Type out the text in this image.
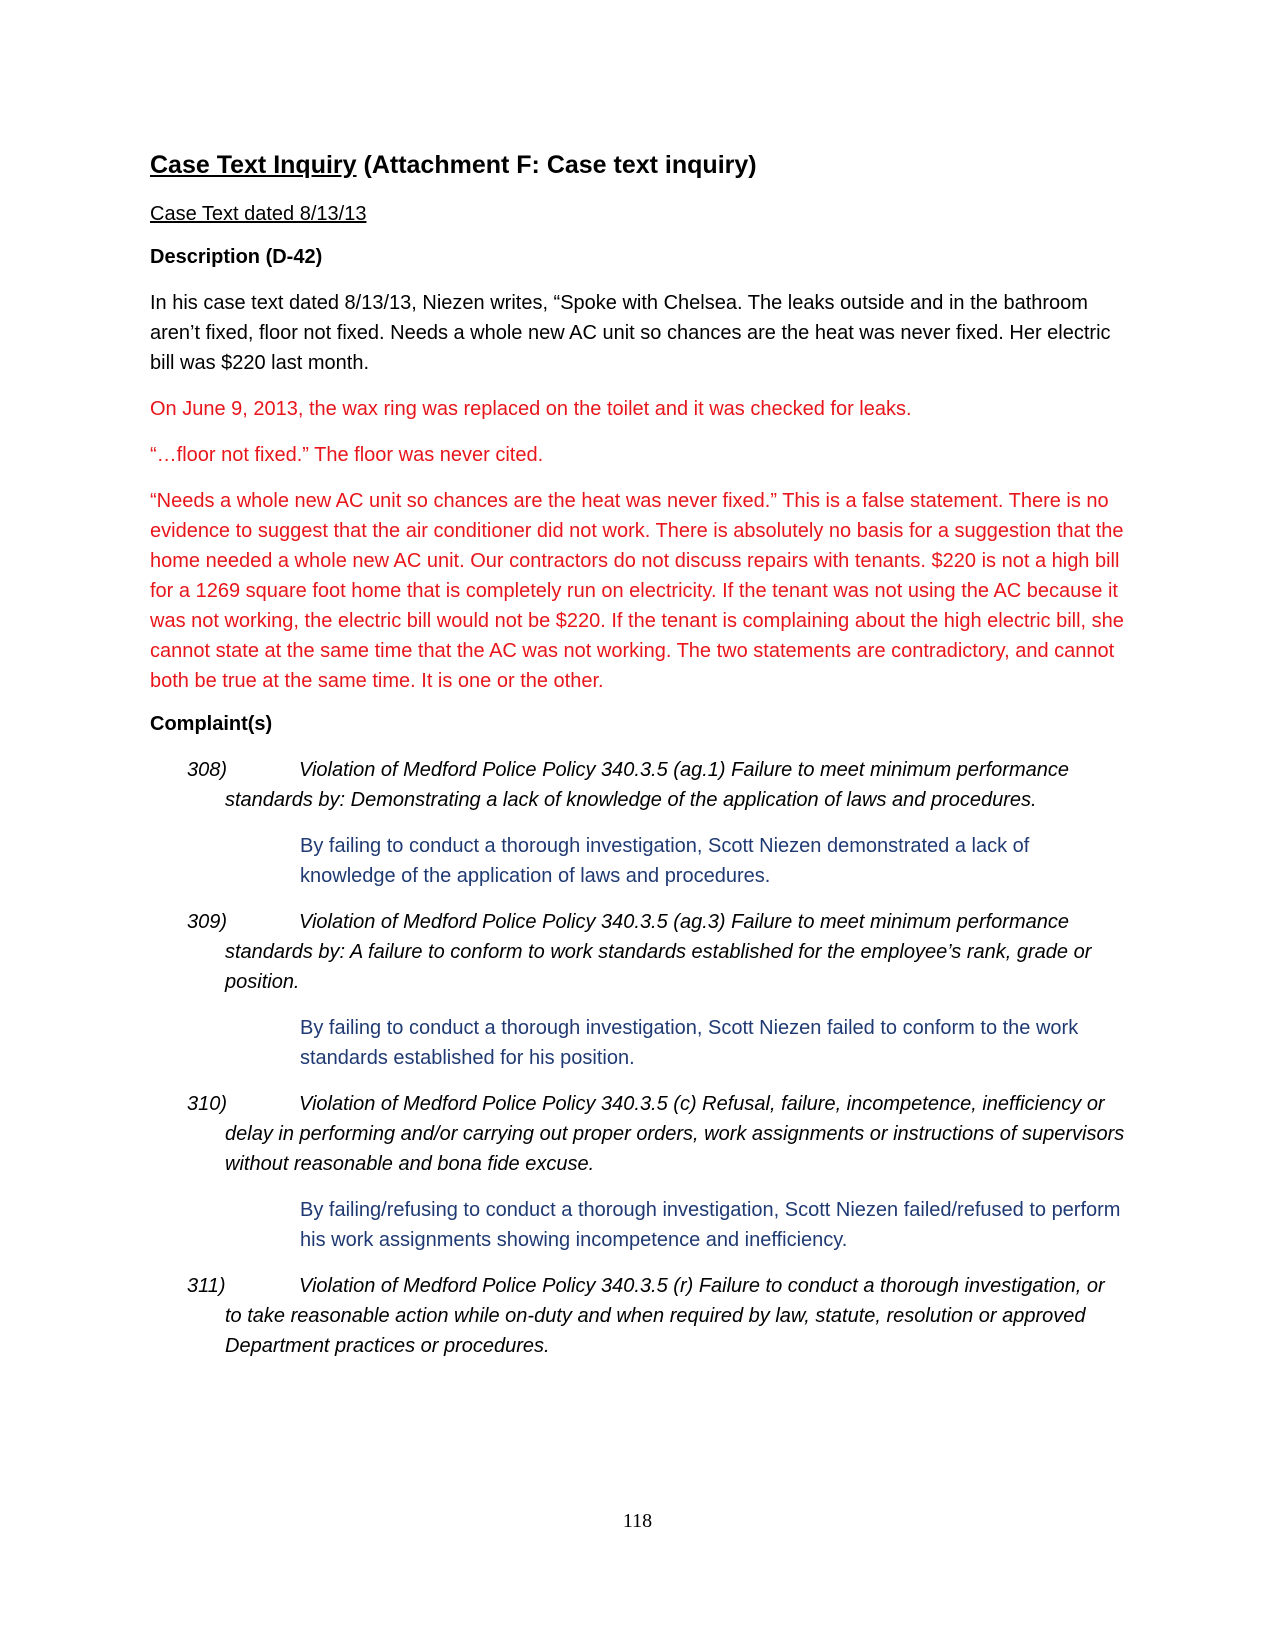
Case Text Inquiry (Attachment F: Case text inquiry)
Case Text dated 8/13/13
Description (D-42)

In his case text dated 8/13/13, Niezen writes, “Spoke with Chelsea. The leaks outside and in the bathroom aren’t fixed, floor not fixed. Needs a whole new AC unit so chances are the heat was never fixed. Her electric bill was $220 last month.

On June 9, 2013, the wax ring was replaced on the toilet and it was checked for leaks.

“…floor not fixed.” The floor was never cited.

“Needs a whole new AC unit so chances are the heat was never fixed.” This is a false statement. There is no evidence to suggest that the air conditioner did not work. There is absolutely no basis for a suggestion that the home needed a whole new AC unit. Our contractors do not discuss repairs with tenants. $220 is not a high bill for a 1269 square foot home that is completely run on electricity. If the tenant was not using the AC because it was not working, the electric bill would not be $220. If the tenant is complaining about the high electric bill, she cannot state at the same time that the AC was not working. The two statements are contradictory, and cannot both be true at the same time. It is one or the other.

Complaint(s)

308)	Violation of Medford Police Policy 340.3.5 (ag.1) Failure to meet minimum performance standards by: Demonstrating a lack of knowledge of the application of laws and procedures.

By failing to conduct a thorough investigation, Scott Niezen demonstrated a lack of knowledge of the application of laws and procedures.

309)	Violation of Medford Police Policy 340.3.5 (ag.3) Failure to meet minimum performance standards by: A failure to conform to work standards established for the employee’s rank, grade or position.

By failing to conduct a thorough investigation, Scott Niezen failed to conform to the work standards established for his position.

310)	Violation of Medford Police Policy 340.3.5 (c) Refusal, failure, incompetence, inefficiency or delay in performing and/or carrying out proper orders, work assignments or instructions of supervisors without reasonable and bona fide excuse.

By failing/refusing to conduct a thorough investigation, Scott Niezen failed/refused to perform his work assignments showing incompetence and inefficiency.

311)	Violation of Medford Police Policy 340.3.5 (r) Failure to conduct a thorough investigation, or to take reasonable action while on-duty and when required by law, statute, resolution or approved Department practices or procedures.

118
